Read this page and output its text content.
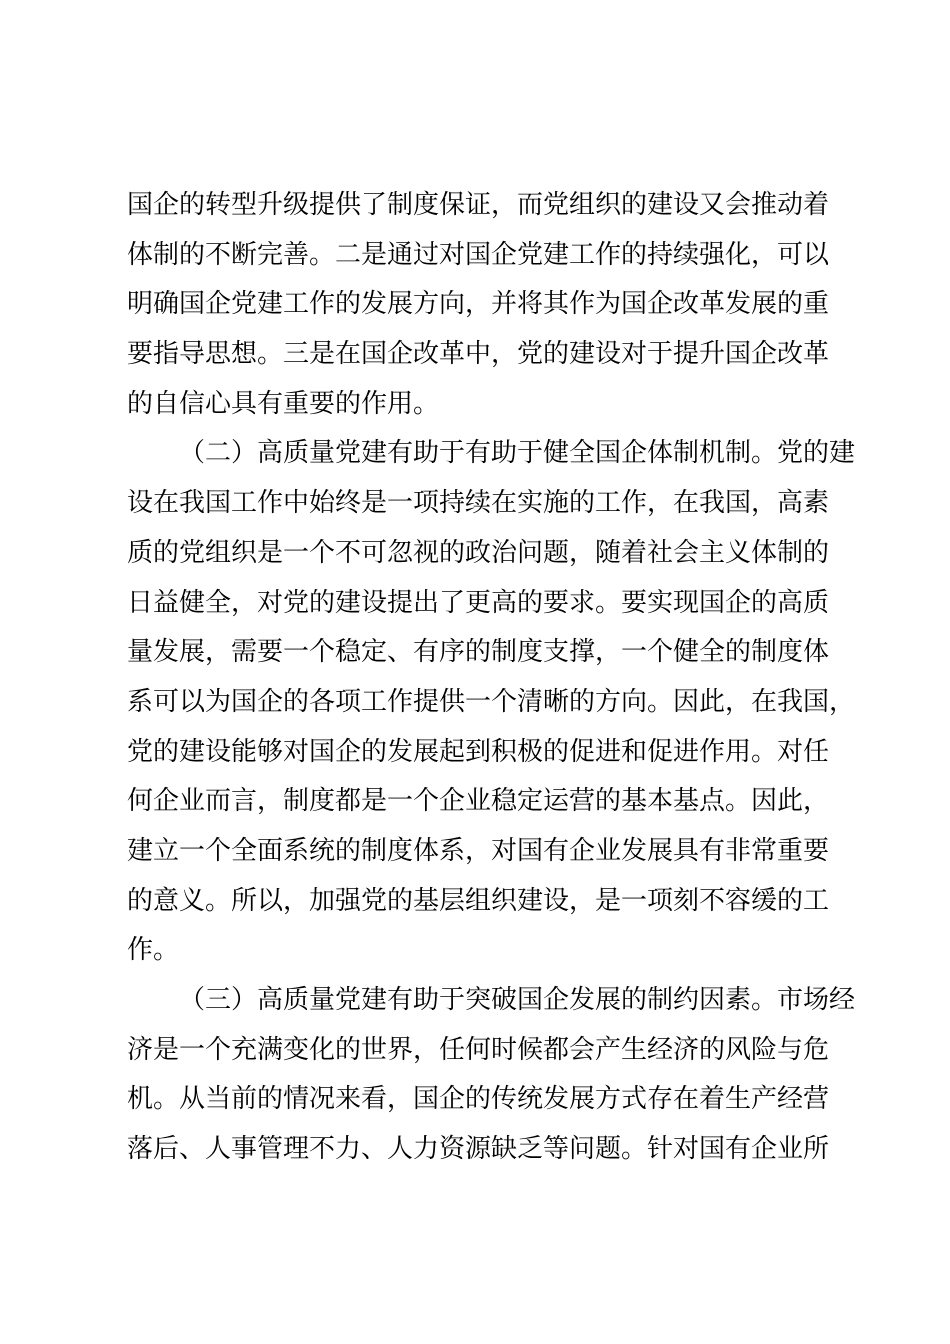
国企的转型升级提供了制度保证，而党组织的建设又会推动着
体制的不断完善。二是通过对国企党建工作的持续强化，可以
明确国企党建工作的发展方向，并将其作为国企改革发展的重
要指导思想。三是在国企改革中，党的建设对于提升国企改革
的自信心具有重要的作用。
（二）高质量党建有助于有助于健全国企体制机制。党的建
设在我国工作中始终是一项持续在实施的工作，在我国，高素
质的党组织是一个不可忽视的政治问题，随着社会主义体制的
日益健全，对党的建设提出了更高的要求。要实现国企的高质
量发展，需要一个稳定、有序的制度支撑，一个健全的制度体
系可以为国企的各项工作提供一个清晰的方向。因此，在我国，
党的建设能够对国企的发展起到积极的促进和促进作用。对任
何企业而言，制度都是一个企业稳定运营的基本基点。因此，
建立一个全面系统的制度体系，对国有企业发展具有非常重要
的意义。所以，加强党的基层组织建设，是一项刻不容缓的工
作。
（三）高质量党建有助于突破国企发展的制约因素。市场经
济是一个充满变化的世界，任何时候都会产生经济的风险与危
机。从当前的情况来看，国企的传统发展方式存在着生产经营
落后、人事管理不力、人力资源缺乏等问题。针对国有企业所
